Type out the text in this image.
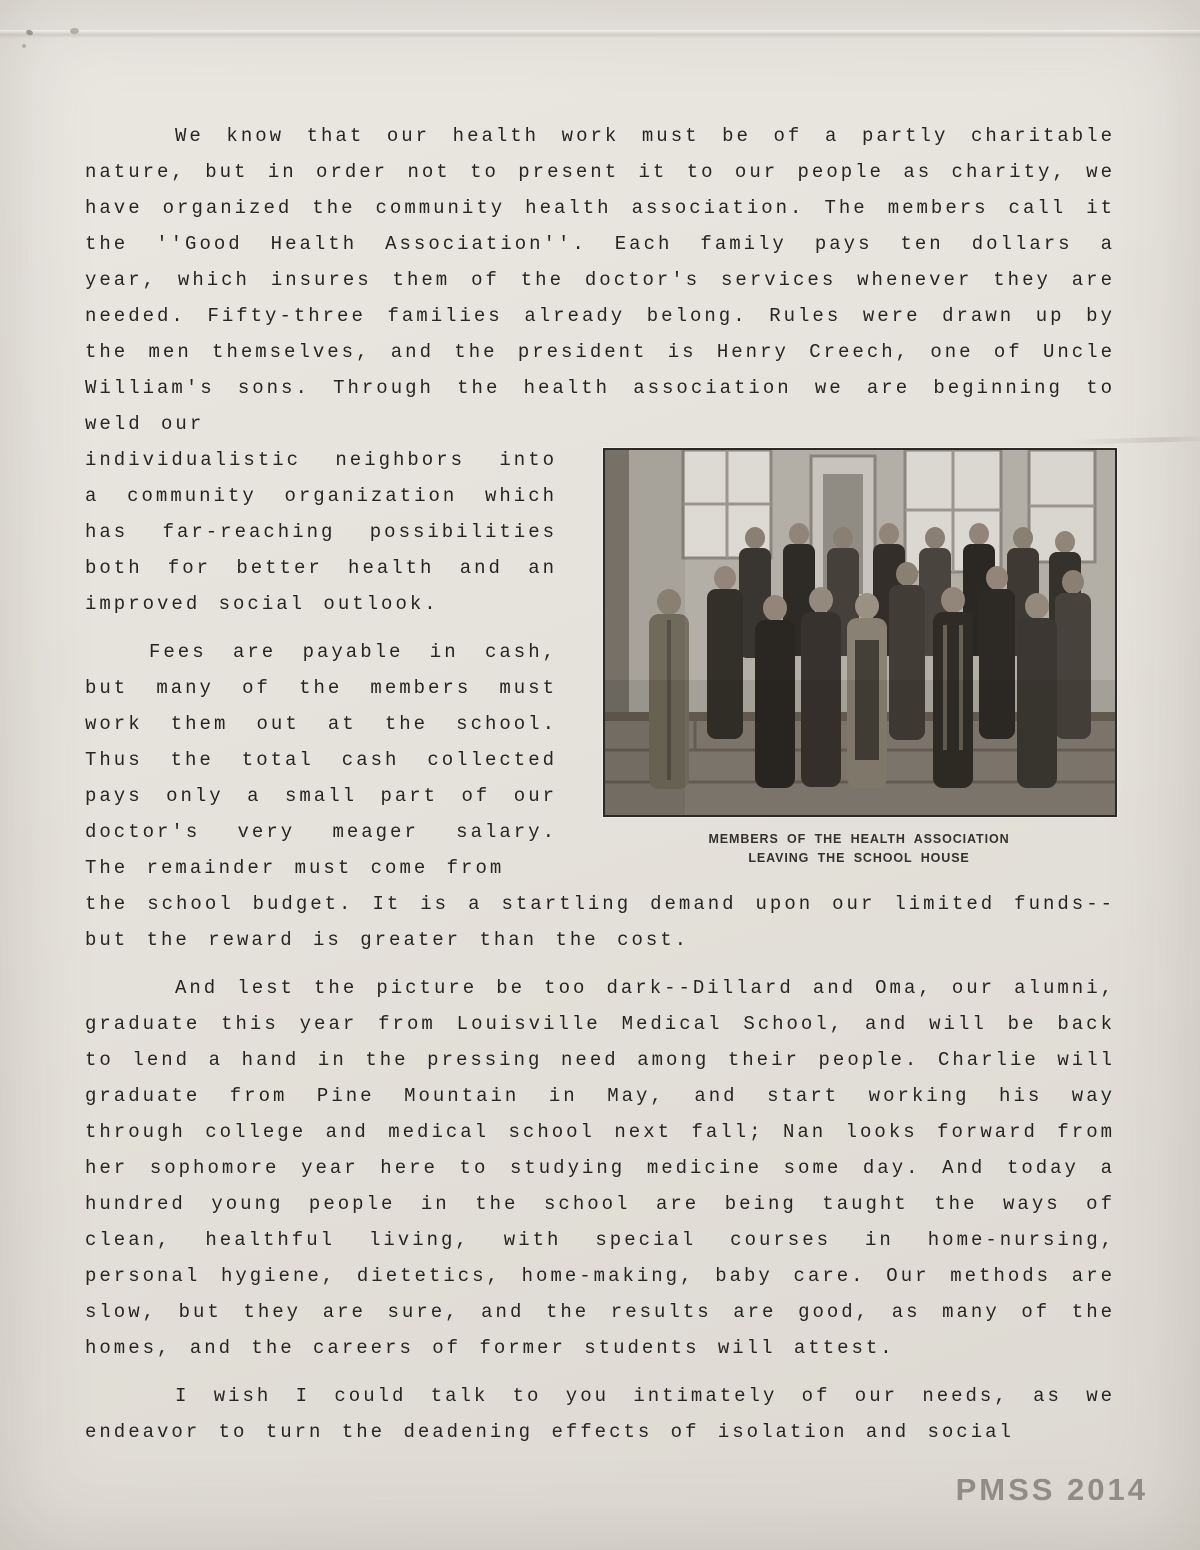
We know that our health work must be of a partly charitable nature, but in order not to present it to our people as charity, we have organized the community health association. The members call it the ''Good Health Association''. Each family pays ten dollars a year, which insures them of the doctor's services whenever they are needed. Fifty-three families already belong. Rules were drawn up by the men themselves, and the president is Henry Creech, one of Uncle William's sons. Through the health association we are beginning to weld our

individualistic neighbors into a community organization which has far-reaching possibilities both for better health and an improved social outlook.

Fees are payable in cash, but many of the members must work them out at the school. Thus the total cash collected pays only a small part of our doctor's very meager salary. The remainder must come from

MEMBERS OF THE HEALTH ASSOCIATION
LEAVING THE SCHOOL HOUSE

the school budget. It is a startling demand upon our limited funds--but the reward is greater than the cost.

And lest the picture be too dark--Dillard and Oma, our alumni, graduate this year from Louisville Medical School, and will be back to lend a hand in the pressing need among their people. Charlie will graduate from Pine Mountain in May, and start working his way through college and medical school next fall; Nan looks forward from her sophomore year here to studying medicine some day. And today a hundred young people in the school are being taught the ways of clean, healthful living, with special courses in home-nursing, personal hygiene, dietetics, home-making, baby care. Our methods are slow, but they are sure, and the results are good, as many of the homes, and the careers of former students will attest.

I wish I could talk to you intimately of our needs, as we endeavor to turn the deadening effects of isolation and social

PMSS 2014
